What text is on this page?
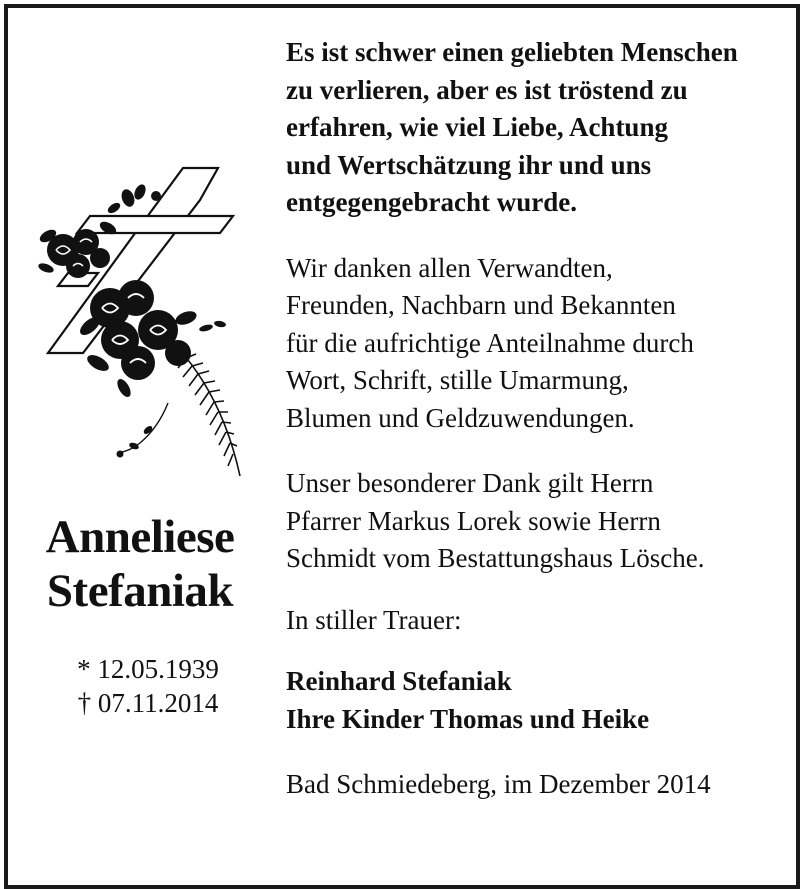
Anneliese
Stefaniak
* 12.05.1939
† 07.11.2014

Es ist schwer einen geliebten Menschen
zu verlieren, aber es ist tröstend zu
erfahren, wie viel Liebe, Achtung
und Wertschätzung ihr und uns
entgegengebracht wurde.

Wir danken allen Verwandten,
Freunden, Nachbarn und Bekannten
für die aufrichtige Anteilnahme durch
Wort, Schrift, stille Umarmung,
Blumen und Geldzuwendungen.

Unser besonderer Dank gilt Herrn
Pfarrer Markus Lorek sowie Herrn
Schmidt vom Bestattungshaus Lösche.

In stiller Trauer:

Reinhard Stefaniak
Ihre Kinder Thomas und Heike

Bad Schmiedeberg, im Dezember 2014
